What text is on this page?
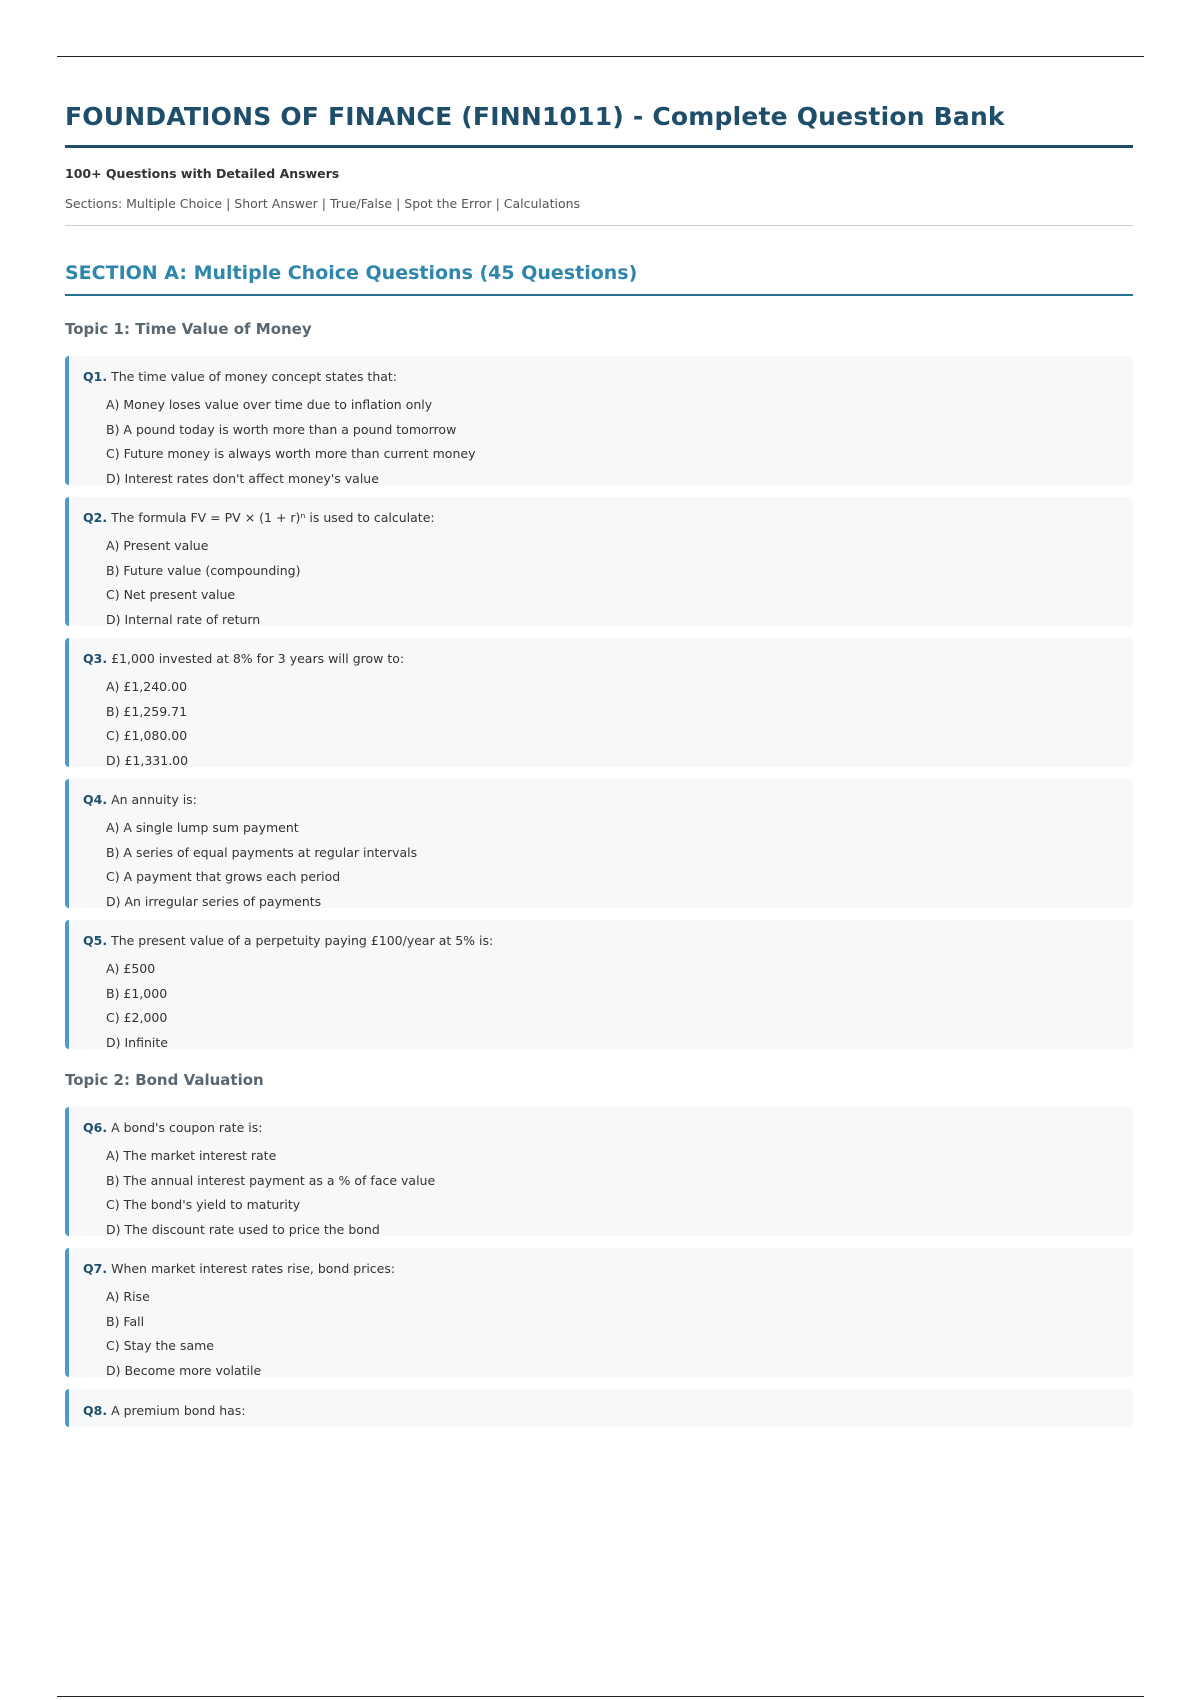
FOUNDATIONS OF FINANCE (FINN1011) - Complete Question Bank
100+ Questions with Detailed Answers
Sections: Multiple Choice | Short Answer | True/False | Spot the Error | Calculations
SECTION A: Multiple Choice Questions (45 Questions)
Topic 1: Time Value of Money
Q1. The time value of money concept states that:
A) Money loses value over time due to inflation only
B) A pound today is worth more than a pound tomorrow
C) Future money is always worth more than current money
D) Interest rates don't affect money's value
Q2. The formula FV = PV × (1 + r)ⁿ is used to calculate:
A) Present value
B) Future value (compounding)
C) Net present value
D) Internal rate of return
Q3. £1,000 invested at 8% for 3 years will grow to:
A) £1,240.00
B) £1,259.71
C) £1,080.00
D) £1,331.00
Q4. An annuity is:
A) A single lump sum payment
B) A series of equal payments at regular intervals
C) A payment that grows each period
D) An irregular series of payments
Q5. The present value of a perpetuity paying £100/year at 5% is:
A) £500
B) £1,000
C) £2,000
D) Infinite
Topic 2: Bond Valuation
Q6. A bond's coupon rate is:
A) The market interest rate
B) The annual interest payment as a % of face value
C) The bond's yield to maturity
D) The discount rate used to price the bond
Q7. When market interest rates rise, bond prices:
A) Rise
B) Fall
C) Stay the same
D) Become more volatile
Q8. A premium bond has:
